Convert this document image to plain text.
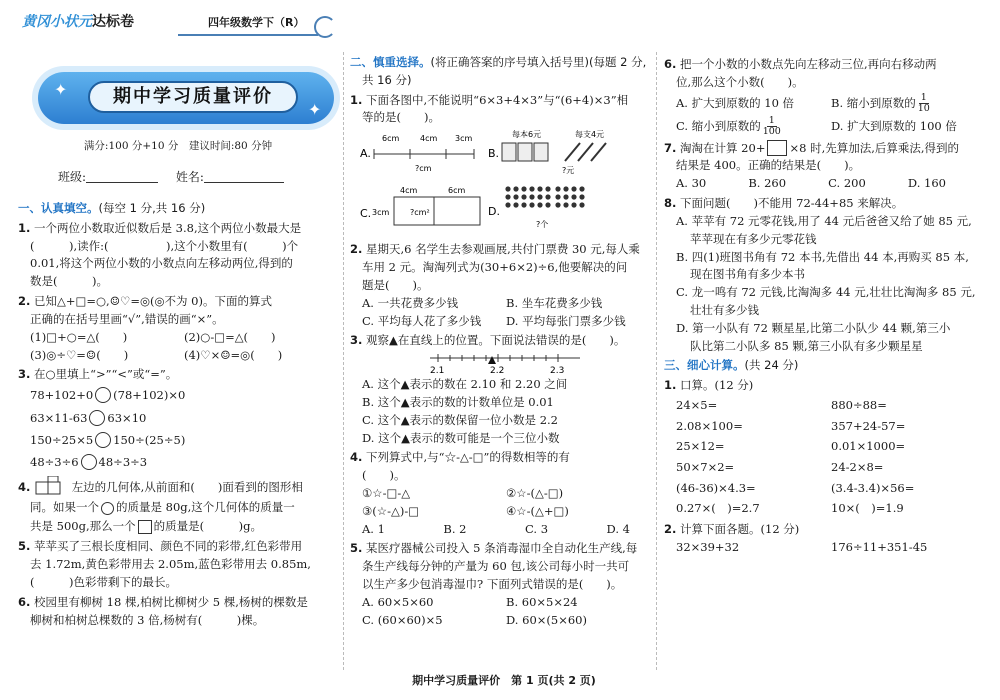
黄冈小状元 达标卷	四年级数学下（R）
✦
✦
期中学习质量评价
满分:100 分+10 分　建议时间:80 分钟
班级:	姓名:
一、认真填空。(每空 1 分,共 16 分)
1. 一个两位小数取近似数后是 3.8,这个两位小数最大是
(　　　),读作:(　　　　　),这个小数里有(　　　)个
0.01,将这个两位小数的小数点向左移动两位,得到的
数是(　　　)。
2. 已知△+□=○,☺♡=◎(◎不为 0)。下面的算式
正确的在括号里画“√”,错误的画“×”。
(1)□+○=△(　　)	(2)○-□=△(　　)
(3)◎÷♡=☺(　　)	(4)♡×☺=◎(　　)
3. 在○里填上“>”“<”或“=”。
78+102+0 (78+102)×0
63×11-63 63×10
150÷25×5 150÷(25÷5)
48÷3÷6 48÷3÷3
4.	左边的几何体,从前面和(　　)面看到的图形相
同。如果一个 的质量是 80g,这个几何体的质量一
共是 500g,那么一个 的质量是(　　　)g。
5. 苹苹买了三根长度相同、颜色不同的彩带,红色彩带用
去 1.72m,黄色彩带用去 2.05m,蓝色彩带用去 0.85m,
(　　　)色彩带剩下的最长。
6. 校园里有柳树 18 棵,柏树比柳树少 5 棵,杨树的棵数是
柳树和柏树总棵数的 3 倍,杨树有(　　　)棵。
二、慎重选择。(将正确答案的序号填入括号里)(每题 2 分,
共 16 分)
1. 下面各图中,不能说明“6×3+4×3”与“(6+4)×3”相
等的是(　　)。
A.
6cm	4cm 3cm
?cm
B.
每本6元	每支4元
?元
C.
4cm	6cm
3cm	?cm²	D.
?个
2. 星期天,6 名学生去参观画展,共付门票费 30 元,每人乘
车用 2 元。淘淘列式为(30+6×2)÷6,他要解决的问
题是(　　)。
A. 一共花费多少钱	B. 坐车花费多少钱
C. 平均每人花了多少钱	D. 平均每张门票多少钱
3. 观察▲在直线上的位置。下面说法错误的是(　　)。
2.1	2.2	2.3
A. 这个▲表示的数在 2.10 和 2.20 之间
B. 这个▲表示的数的计数单位是 0.01
C. 这个▲表示的数保留一位小数是 2.2
D. 这个▲表示的数可能是一个三位小数
4. 下列算式中,与“☆-△-□”的得数相等的有
(　　)。
①☆-□-△	②☆-(△-□)
③(☆-△)-□	④☆-(△+□)
A. 1	B. 2	C. 3	D. 4
5. 某医疗器械公司投入 5 条消毒湿巾全自动化生产线,每
条生产线每分钟的产量为 60 包,该公司每小时一共可
以生产多少包消毒湿巾? 下面列式错误的是(　　)。
A. 60×5×60	B. 60×5×24
C. (60×60)×5	D. 60×(5×60)
6. 把一个小数的小数点先向左移动三位,再向右移动两
位,那么这个小数(　　)。
A. 扩大到原数的 10 倍	B. 缩小到原数的 $\frac{1}{10}$
C. 缩小到原数的 $\frac{1}{100}$	D. 扩大到原数的 100 倍
7. 淘淘在计算 20+ ×8 时,先算加法,后算乘法,得到的
结果是 400。正确的结果是(　　)。
A. 30	B. 260	C. 200	D. 160
8. 下面问题(　　)不能用 72-44+85 来解决。
A. 苹苹有 72 元零花钱,用了 44 元后爸爸又给了她 85 元,
苹苹现在有多少元零花钱
B. 四(1)班图书角有 72 本书,先借出 44 本,再购买 85 本,
现在图书角有多少本书
C. 龙一鸣有 72 元钱,比淘淘多 44 元,壮壮比淘淘多 85 元,
壮壮有多少钱
D. 第一小队有 72 颗星星,比第二小队少 44 颗,第三小
队比第二小队多 85 颗,第三小队有多少颗星星
三、细心计算。(共 24 分)
1. 口算。(12 分)
24×5=	880÷88=
2.08×100=	357+24-57=
25×12=	0.01×1000=
50×7×2=	24-2×8=
(46-36)×4.3=	(3.4-3.4)×56=
0.27×(　)=2.7	10×(　)=1.9
2. 计算下面各题。(12 分)
32×39+32	176÷11+351-45
期中学习质量评价　第 1 页(共 2 页)
